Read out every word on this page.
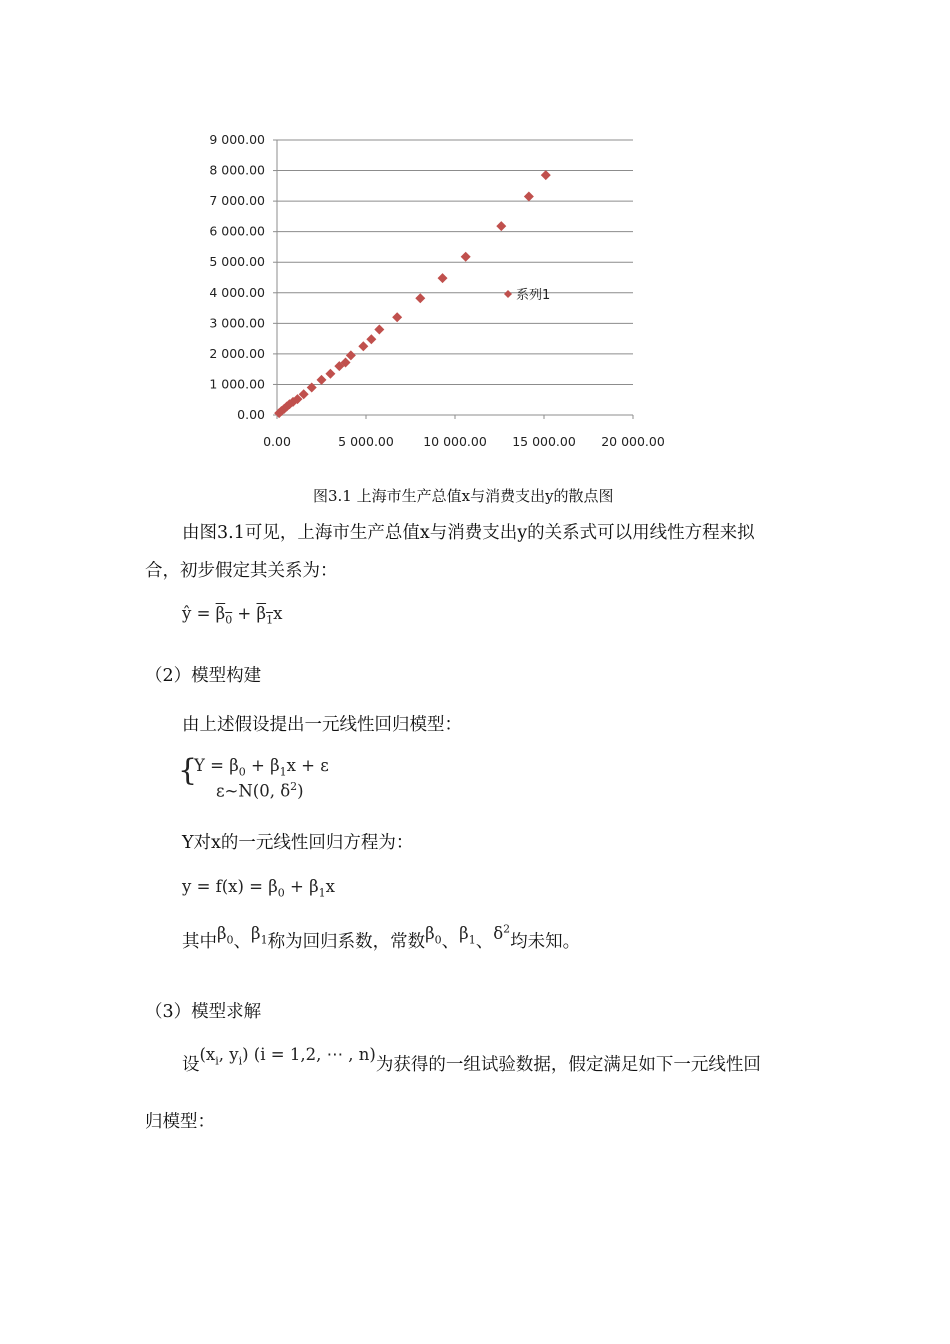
9 000.00
8 000.00
7 000.00
6 000.00
5 000.00
4 000.00
3 000.00
2 000.00
1 000.00
0.00
0.00	5 000.00 10 000.00 15 000.00 20 000.00
系列1
图3.1 上海市生产总值x与消费支出y的散点图
由图3.1可见，上海市生产总值x与消费支出y的关系式可以用线性方程来拟
合，初步假定其关系为：
ŷ = $\beta_0 + \beta_1x$
（2）模型构建
由上述假设提出一元线性回归模型：
{
$Y = \beta_0 + \beta_1x + \varepsilon$
ε~N(0, $\delta^2$)
Y对x的一元线性回归方程为：
$y = f(x) = \beta_0 + \beta_1x$
其中$\beta_0$、$\beta_1$称为回归系数，常数$\beta_0$、$\beta_1$、$\delta^2$均未知。
（3）模型求解
设($x_i$, $y_i$) (i = 1,2, ⋯ , n)为获得的一组试验数据，假定满足如下一元线性回
归模型：
